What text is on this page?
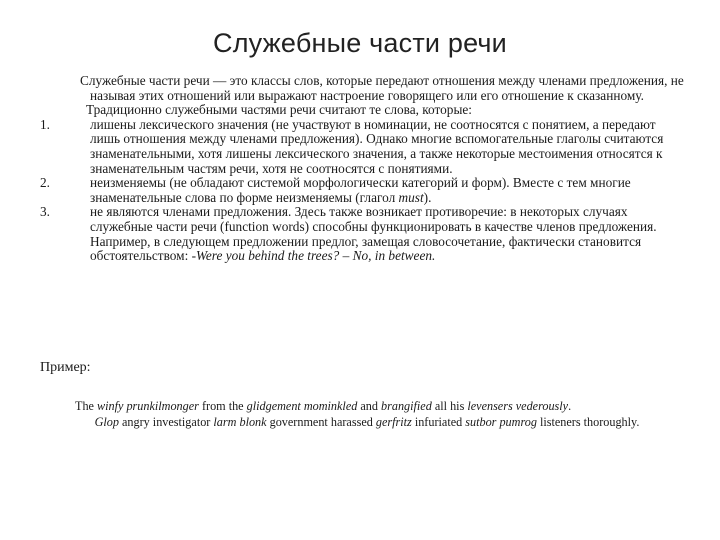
Служебные части речи

Служебные части речи — это классы слов, которые передают отношения между членами предложения, не называя этих отношений или выражают настроение говорящего или его отношение к сказанному.

Традиционно служебными частями речи считают те слова, которые:

1.	лишены лексического значения (не участвуют в номинации, не соотносятся с понятием, а передают лишь отношения между членами предложения). Однако многие вспомогательные глаголы считаются знаменательными, хотя лишены лексического значения, а также некоторые местоимения относятся к знаменательным частям речи, хотя не соотносятся с понятиями.
2.	неизменяемы (не обладают системой морфологически категорий и форм). Вместе с тем многие знаменательные слова по форме неизменяемы (глагол must).
3.	не являются членами предложения. Здесь также возникает противоречие: в некоторых случаях служебные части речи (function words) способны функционировать в качестве членов предложения. Например, в следующем предложении предлог, замещая словосочетание, фактически становится обстоятельством: -Were you behind the trees? – No, in between.
Пример:
The winfy prunkilmonger from the glidgement mominkled and brangified all his levensers vederously.
Glop angry investigator larm blonk government harassed gerfritz infuriated sutbor pumrog listeners thoroughly.
